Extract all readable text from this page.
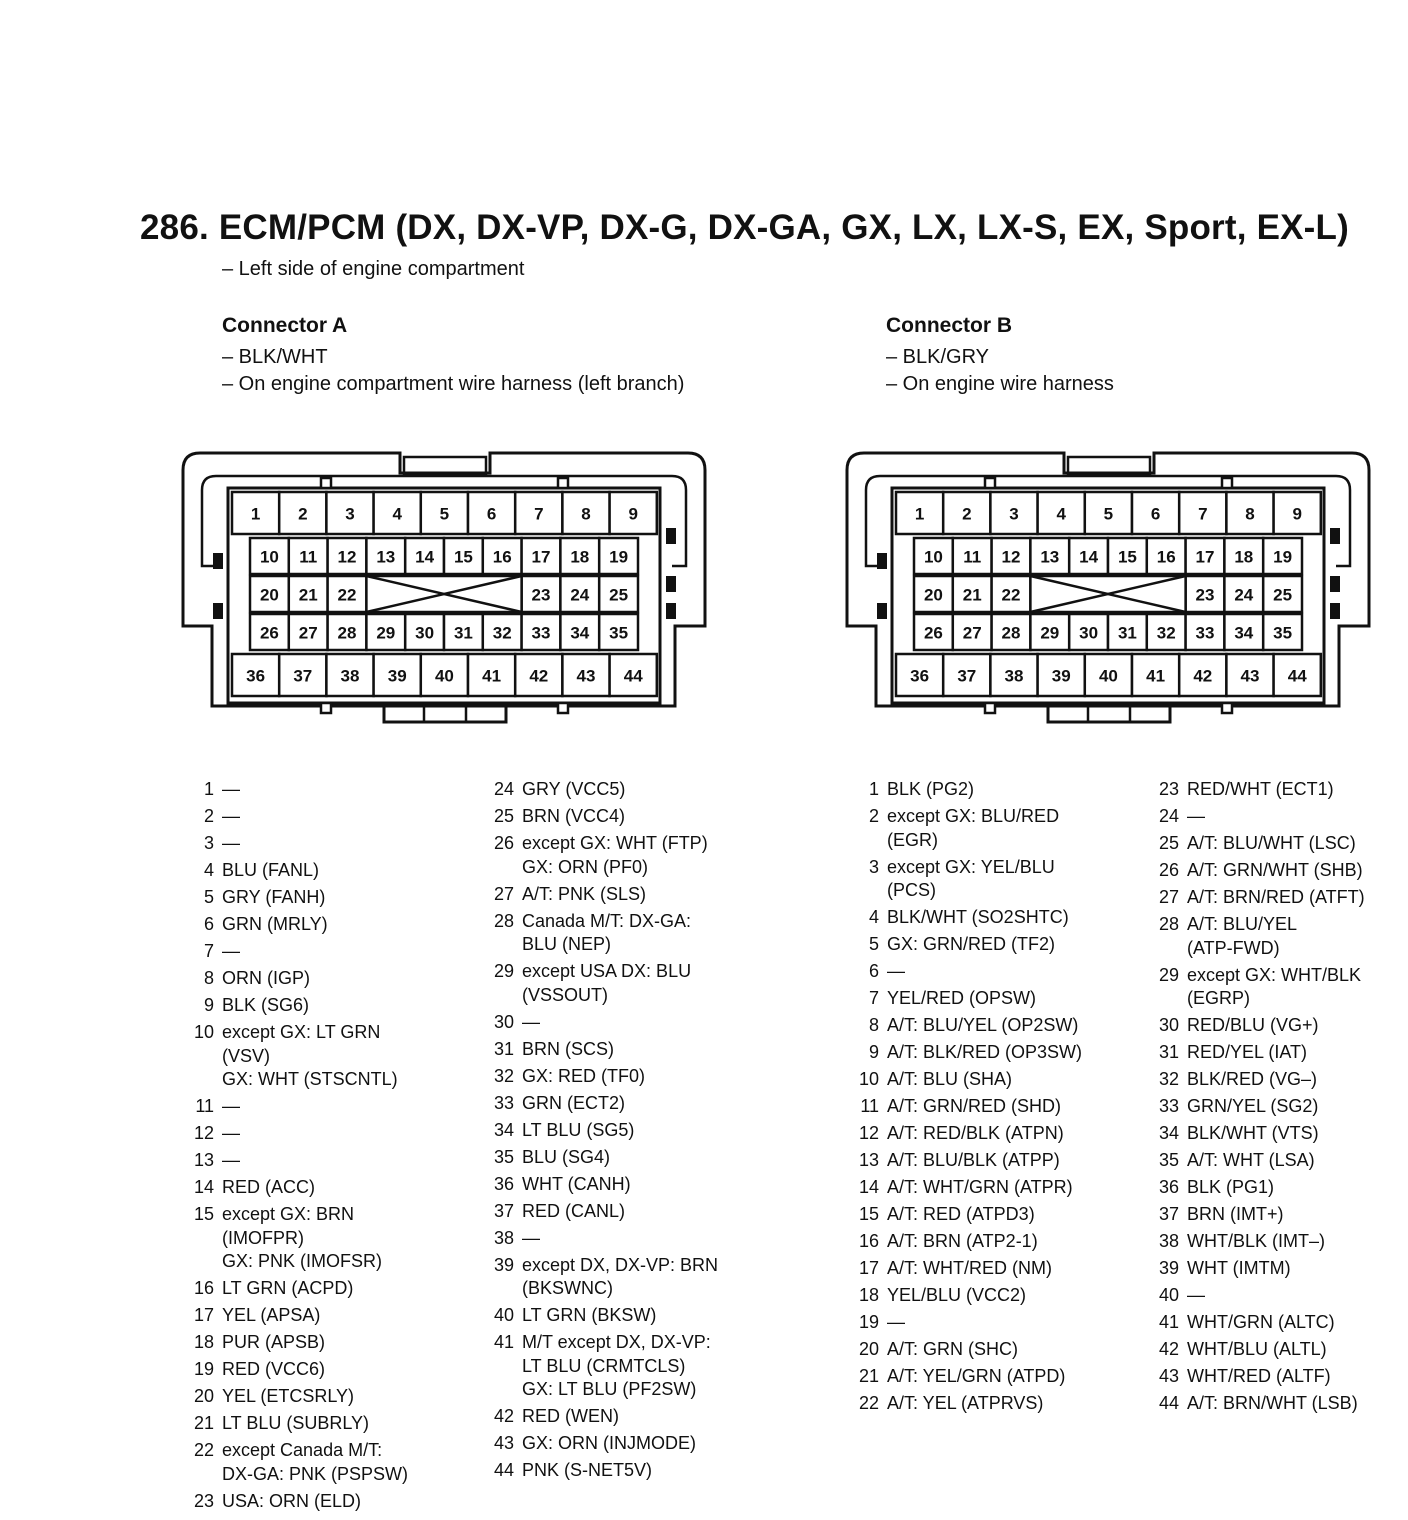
286. ECM/PCM (DX, DX-VP, DX-G, DX-GA, GX, LX, LX-S, EX, Sport, EX-L)
– Left side of engine compartment
Connector A
– BLK/WHT
– On engine compartment wire harness (left branch)
Connector B
– BLK/GRY
– On engine wire harness
1 2 3 4 5 6 7 8 9
10 11 12 13 14 15 16 17 18 19
20 21 22	23 24 25
26 27 28 29 30 31 32 33 34 35
36 37 38 39 40 41 42 43 44
1 2 3 4 5 6 7 8 9
10 11 12 13 14 15 16 17 18 19
20 21 22	23 24 25
26 27 28 29 30 31 32 33 34 35
36 37 38 39 40 41 42 43 44
1 —
2 —
3 —
4 BLU (FANL)
5 GRY (FANH)
6 GRN (MRLY)
7 —
8 ORN (IGP)
9 BLK (SG6)
10 except GX: LT GRN
(VSV)
GX: WHT (STSCNTL)
11 —
12 —
13 —
14 RED (ACC)
15 except GX: BRN
(IMOFPR)
GX: PNK (IMOFSR)
16 LT GRN (ACPD)
17 YEL (APSA)
18 PUR (APSB)
19 RED (VCC6)
20 YEL (ETCSRLY)
21 LT BLU (SUBRLY)
22 except Canada M/T:
DX-GA: PNK (PSPSW)
23 USA: ORN (ELD)
24 GRY (VCC5)
25 BRN (VCC4)
26 except GX: WHT (FTP)
GX: ORN (PF0)
27 A/T: PNK (SLS)
28 Canada M/T: DX-GA:
BLU (NEP)
29 except USA DX: BLU
(VSSOUT)
30 —
31 BRN (SCS)
32 GX: RED (TF0)
33 GRN (ECT2)
34 LT BLU (SG5)
35 BLU (SG4)
36 WHT (CANH)
37 RED (CANL)
38 —
39 except DX, DX-VP: BRN
(BKSWNC)
40 LT GRN (BKSW)
41 M/T except DX, DX-VP:
LT BLU (CRMTCLS)
GX: LT BLU (PF2SW)
42 RED (WEN)
43 GX: ORN (INJMODE)
44 PNK (S-NET5V)
1 BLK (PG2)
2 except GX: BLU/RED
(EGR)
3 except GX: YEL/BLU
(PCS)
4 BLK/WHT (SO2SHTC)
5 GX: GRN/RED (TF2)
6 —
7 YEL/RED (OPSW)
8 A/T: BLU/YEL (OP2SW)
9 A/T: BLK/RED (OP3SW)
10 A/T: BLU (SHA)
11 A/T: GRN/RED (SHD)
12 A/T: RED/BLK (ATPN)
13 A/T: BLU/BLK (ATPP)
14 A/T: WHT/GRN (ATPR)
15 A/T: RED (ATPD3)
16 A/T: BRN (ATP2-1)
17 A/T: WHT/RED (NM)
18 YEL/BLU (VCC2)
19 —
20 A/T: GRN (SHC)
21 A/T: YEL/GRN (ATPD)
22 A/T: YEL (ATPRVS)
23 RED/WHT (ECT1)
24 —
25 A/T: BLU/WHT (LSC)
26 A/T: GRN/WHT (SHB)
27 A/T: BRN/RED (ATFT)
28 A/T: BLU/YEL
(ATP-FWD)
29 except GX: WHT/BLK
(EGRP)
30 RED/BLU (VG+)
31 RED/YEL (IAT)
32 BLK/RED (VG–)
33 GRN/YEL (SG2)
34 BLK/WHT (VTS)
35 A/T: WHT (LSA)
36 BLK (PG1)
37 BRN (IMT+)
38 WHT/BLK (IMT–)
39 WHT (IMTM)
40 —
41 WHT/GRN (ALTC)
42 WHT/BLU (ALTL)
43 WHT/RED (ALTF)
44 A/T: BRN/WHT (LSB)
